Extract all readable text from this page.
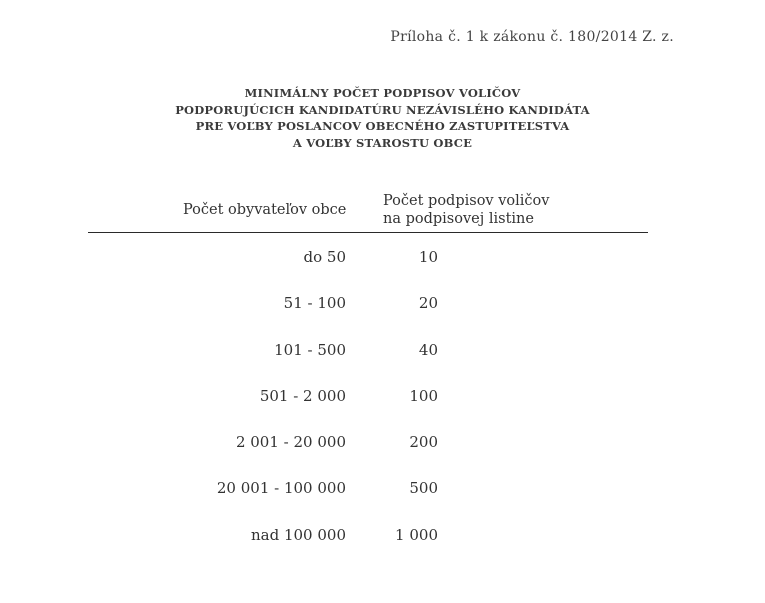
Príloha č. 1 k zákonu č. 180/2014 Z. z.
MINIMÁLNY POČET PODPISOV VOLIČOV
PODPORUJÚCICH KANDIDATÚRU NEZÁVISLÉHO KANDIDÁTA
PRE VOĽBY POSLANCOV OBECNÉHO ZASTUPITEĽSTVA
A VOĽBY STAROSTU OBCE
Počet obyvateľov obce
Počet podpisov voličov
na podpisovej listine
do 50	10
51 - 100	20
101 - 500	40
501 - 2 000	100
2 001 - 20 000	200
20 001 - 100 000	500
nad 100 000	1 000
